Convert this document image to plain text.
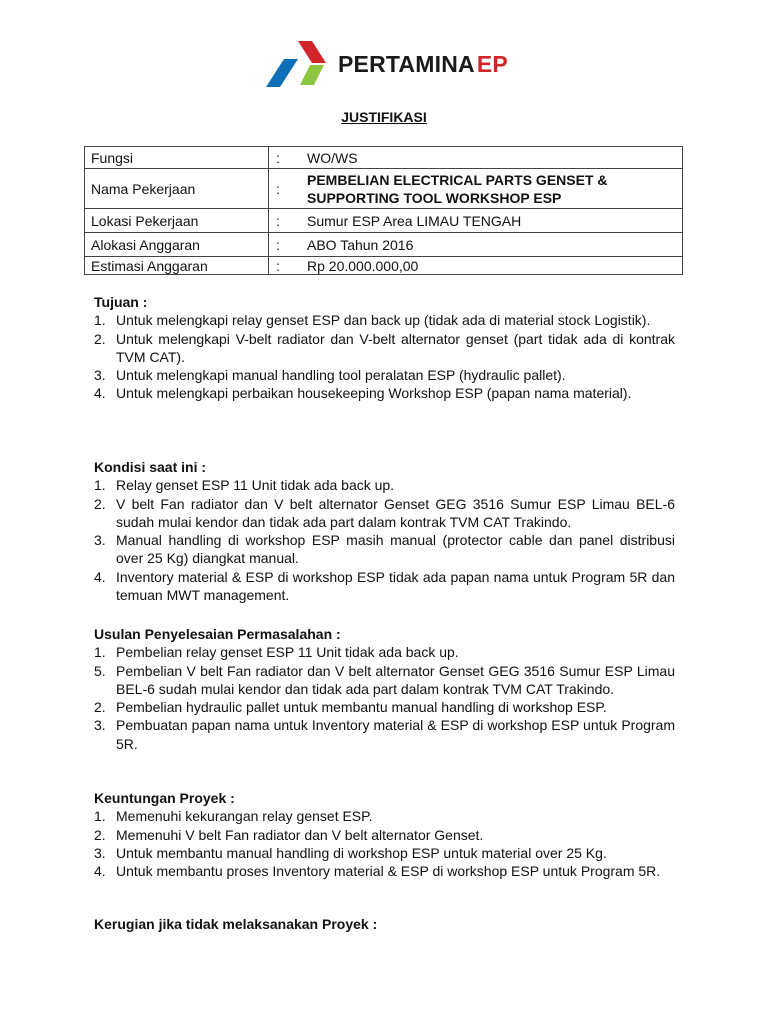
PERTAMINAEP
JUSTIFIKASI
Fungsi	:	WO/WS
Nama Pekerjaan	:	PEMBELIAN ELECTRICAL PARTS GENSET & SUPPORTING TOOL WORKSHOP ESP
Lokasi Pekerjaan	:	Sumur ESP Area LIMAU TENGAH
Alokasi Anggaran	:	ABO Tahun 2016
Estimasi Anggaran	:	Rp 20.000.000,00
Tujuan :
1. Untuk melengkapi relay genset ESP dan back up (tidak ada di material stock Logistik).
2. Untuk melengkapi V-belt radiator dan V-belt alternator genset (part tidak ada di kontrak TVM CAT).
3. Untuk melengkapi manual handling tool peralatan ESP (hydraulic pallet).
4. Untuk melengkapi perbaikan housekeeping Workshop ESP (papan nama material).
Kondisi saat ini :
1. Relay genset ESP 11 Unit tidak ada back up.
2. V belt Fan radiator dan V belt alternator Genset GEG 3516 Sumur ESP Limau BEL-6 sudah mulai kendor dan tidak ada part dalam kontrak TVM CAT Trakindo.
3. Manual handling di workshop ESP masih manual (protector cable dan panel distribusi over 25 Kg) diangkat manual.
4. Inventory material & ESP di workshop ESP tidak ada papan nama untuk Program 5R dan temuan MWT management.
Usulan Penyelesaian Permasalahan :
1. Pembelian relay genset ESP 11 Unit tidak ada back up.
5. Pembelian V belt Fan radiator dan V belt alternator Genset GEG 3516 Sumur ESP Limau BEL-6 sudah mulai kendor dan tidak ada part dalam kontrak TVM CAT Trakindo.
2. Pembelian hydraulic pallet untuk membantu manual handling di workshop ESP.
3. Pembuatan papan nama untuk Inventory material & ESP di workshop ESP untuk Program 5R.
Keuntungan Proyek :
1. Memenuhi kekurangan relay genset ESP.
2. Memenuhi V belt Fan radiator dan V belt alternator Genset.
3. Untuk membantu manual handling di workshop ESP untuk material over 25 Kg.
4. Untuk membantu proses Inventory material & ESP di workshop ESP untuk Program 5R.
Kerugian jika tidak melaksanakan Proyek :
